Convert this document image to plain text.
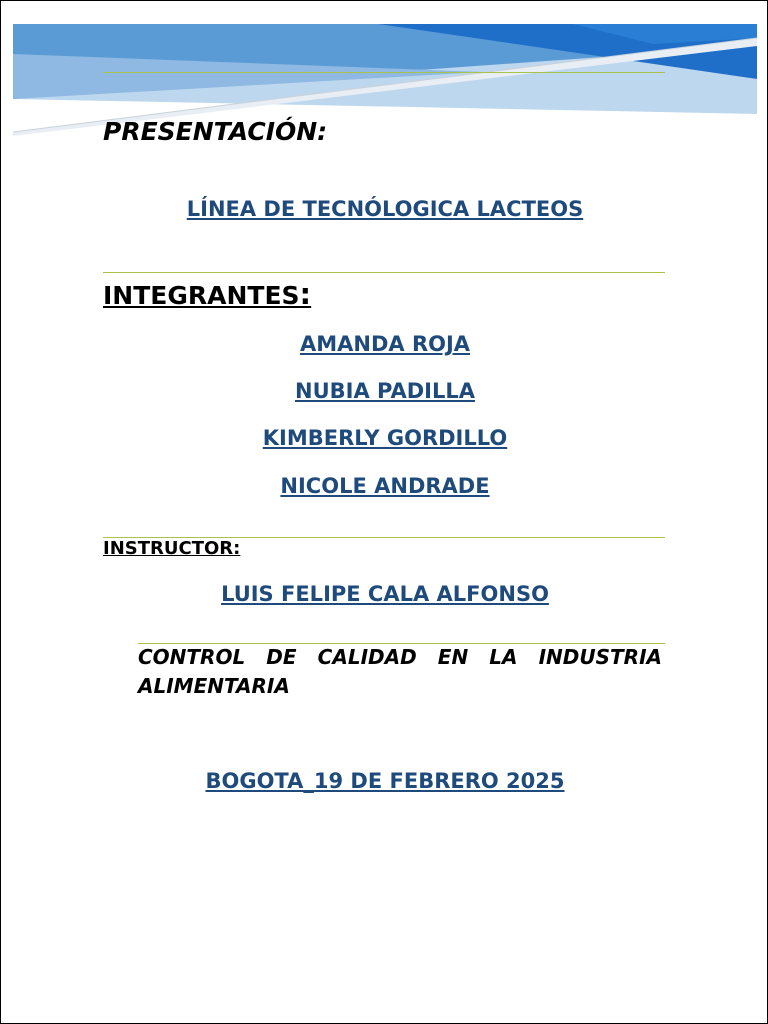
PRESENTACIÓN:

LÍNEA DE TECNÓLOGICA LACTEOS

INTEGRANTES:

AMANDA ROJA

NUBIA PADILLA

KIMBERLY GORDILLO

NICOLE ANDRADE

INSTRUCTOR:

LUIS FELIPE CALA ALFONSO

CONTROL DE CALIDAD EN LA INDUSTRIA ALIMENTARIA

BOGOTA_19 DE FEBRERO 2025
